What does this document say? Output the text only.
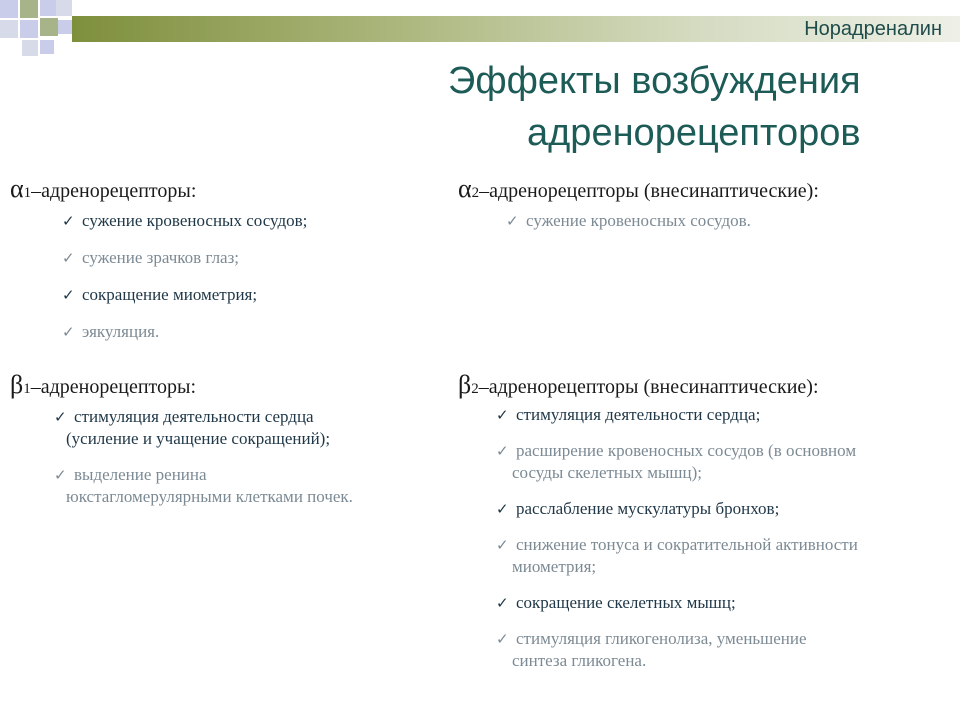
Норадреналин
Эффекты возбуждения
адренорецепторов
α1–адренорецепторы:
✓ сужение кровеносных сосудов;
✓ сужение зрачков глаз;
✓ сокращение миометрия;
✓ эякуляция.
α2–адренорецепторы (внесинаптические):
✓ сужение кровеносных сосудов.
β1–адренорецепторы:
✓ стимуляция деятельности сердца
(усиление и учащение сокращений);
✓ выделение ренина
юкстагломерулярными клетками почек.
β2–адренорецепторы (внесинаптические):
✓ стимуляция деятельности сердца;
✓ расширение кровеносных сосудов (в основном
сосуды скелетных мышц);
✓ расслабление мускулатуры бронхов;
✓ снижение тонуса и сократительной активности
миометрия;
✓ сокращение скелетных мышц;
✓ стимуляция гликогенолиза, уменьшение
синтеза гликогена.
